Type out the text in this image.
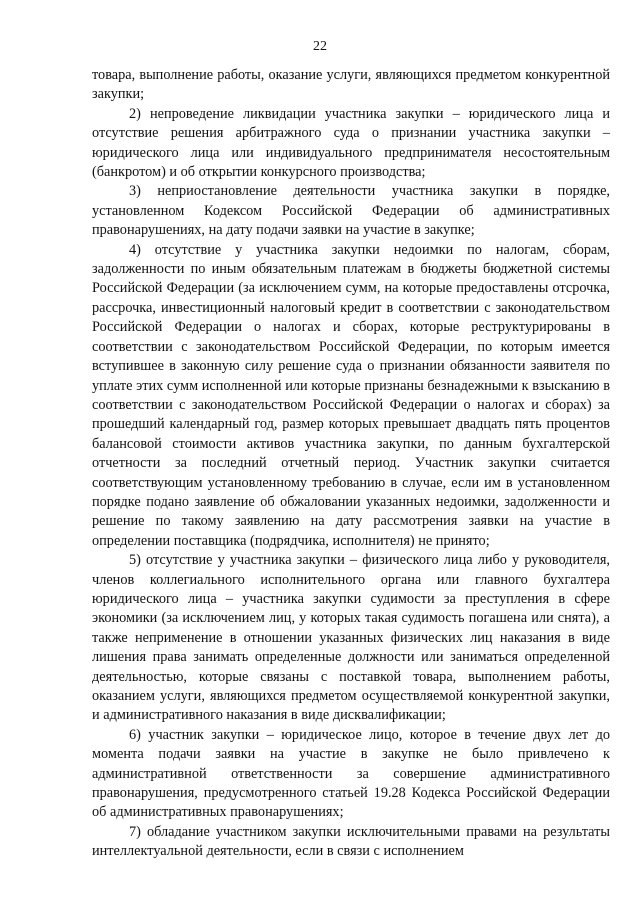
22

товара, выполнение работы, оказание услуги, являющихся предметом конкурентной закупки;

2) непроведение ликвидации участника закупки – юридического лица и отсутствие решения арбитражного суда о признании участника закупки – юридического лица или индивидуального предпринимателя несостоятельным (банкротом) и об открытии конкурсного производства;

3) неприостановление деятельности участника закупки в порядке, установленном Кодексом Российской Федерации об административных правонарушениях, на дату подачи заявки на участие в закупке;

4) отсутствие у участника закупки недоимки по налогам, сборам, задолженности по иным обязательным платежам в бюджеты бюджетной системы Российской Федерации (за исключением сумм, на которые предоставлены отсрочка, рассрочка, инвестиционный налоговый кредит в соответствии с законодательством Российской Федерации о налогах и сборах, которые реструктурированы в соответствии с законодательством Российской Федерации, по которым имеется вступившее в законную силу решение суда о признании обязанности заявителя по уплате этих сумм исполненной или которые признаны безнадежными к взысканию в соответствии с законодательством Российской Федерации о налогах и сборах) за прошедший календарный год, размер которых превышает двадцать пять процентов балансовой стоимости активов участника закупки, по данным бухгалтерской отчетности за последний отчетный период. Участник закупки считается соответствующим установленному требованию в случае, если им в установленном порядке подано заявление об обжаловании указанных недоимки, задолженности и решение по такому заявлению на дату рассмотрения заявки на участие в определении поставщика (подрядчика, исполнителя) не принято;

5) отсутствие у участника закупки – физического лица либо у руководителя, членов коллегиального исполнительного органа или главного бухгалтера юридического лица – участника закупки судимости за преступления в сфере экономики (за исключением лиц, у которых такая судимость погашена или снята), а также неприменение в отношении указанных физических лиц наказания в виде лишения права занимать определенные должности или заниматься определенной деятельностью, которые связаны с поставкой товара, выполнением работы, оказанием услуги, являющихся предметом осуществляемой конкурентной закупки, и административного наказания в виде дисквалификации;

6) участник закупки – юридическое лицо, которое в течение двух лет до момента подачи заявки на участие в закупке не было привлечено к административной ответственности за совершение административного правонарушения, предусмотренного статьей 19.28 Кодекса Российской Федерации об административных правонарушениях;

7) обладание участником закупки исключительными правами на результаты интеллектуальной деятельности, если в связи с исполнением
